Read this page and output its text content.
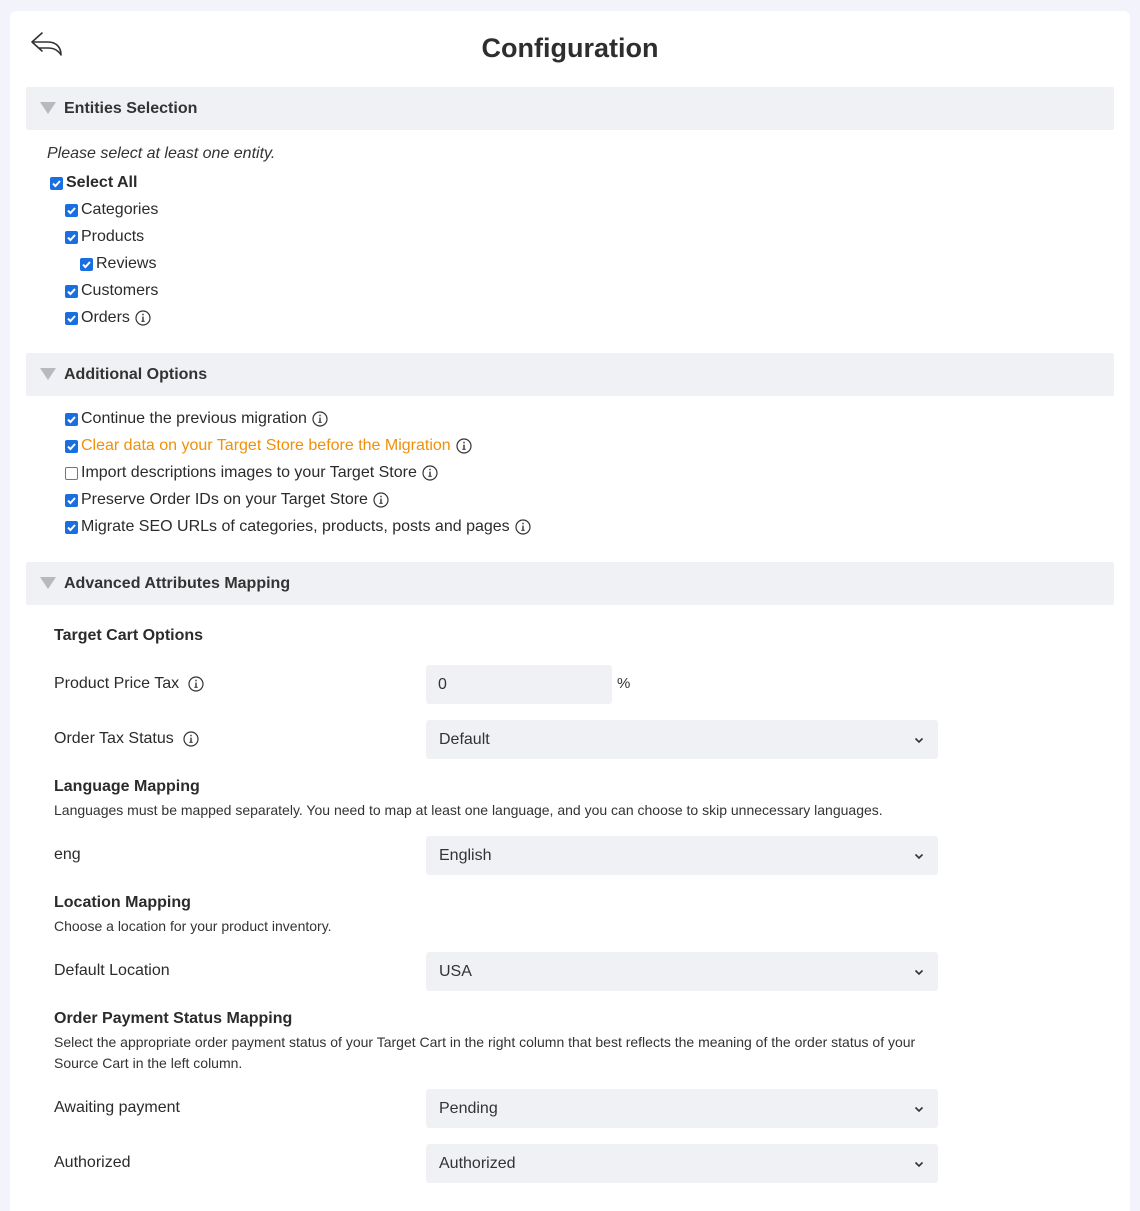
Configuration
Entities Selection
Please select at least one entity.
Select All
Categories
Products
Reviews
Customers
Orders
Additional Options
Continue the previous migration
Clear data on your Target Store before the Migration
Import descriptions images to your Target Store
Preserve Order IDs on your Target Store
Migrate SEO URLs of categories, products, posts and pages
Advanced Attributes Mapping
Target Cart Options
Product Price Tax	0	%
Order Tax Status	Default
Language Mapping
Languages must be mapped separately. You need to map at least one language, and you can choose to skip unnecessary languages.
eng	English
Location Mapping
Choose a location for your product inventory.
Default Location	USA
Order Payment Status Mapping
Select the appropriate order payment status of your Target Cart in the right column that best reflects the meaning of the order status of your Source Cart in the left column.
Awaiting payment	Pending
Authorized	Authorized
